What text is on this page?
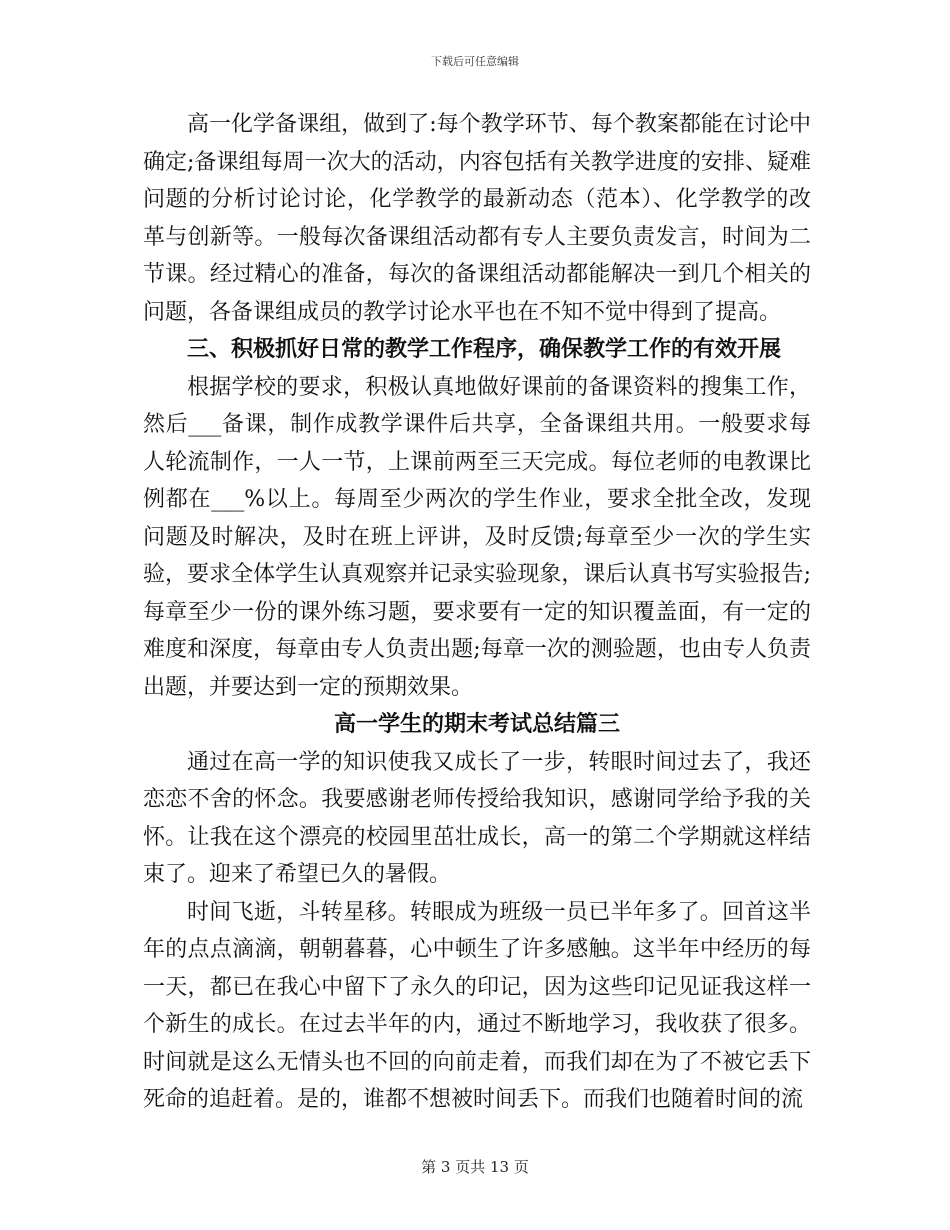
下载后可任意编辑

高一化学备课组，做到了:每个教学环节、每个教案都能在讨论中确定;备课组每周一次大的活动，内容包括有关教学进度的安排、疑难问题的分析讨论讨论，化学教学的最新动态（范本）、化学教学的改革与创新等。一般每次备课组活动都有专人主要负责发言，时间为二节课。经过精心的准备，每次的备课组活动都能解决一到几个相关的问题，各备课组成员的教学讨论水平也在不知不觉中得到了提高。

三、积极抓好日常的教学工作程序，确保教学工作的有效开展

根据学校的要求，积极认真地做好课前的备课资料的搜集工作，然后___备课，制作成教学课件后共享，全备课组共用。一般要求每人轮流制作，一人一节，上课前两至三天完成。每位老师的电教课比例都在___%以上。每周至少两次的学生作业，要求全批全改，发现问题及时解决，及时在班上评讲，及时反馈;每章至少一次的学生实验，要求全体学生认真观察并记录实验现象，课后认真书写实验报告;每章至少一份的课外练习题，要求要有一定的知识覆盖面，有一定的难度和深度，每章由专人负责出题;每章一次的测验题，也由专人负责出题，并要达到一定的预期效果。

高一学生的期末考试总结篇三

通过在高一学的知识使我又成长了一步，转眼时间过去了，我还恋恋不舍的怀念。我要感谢老师传授给我知识，感谢同学给予我的关怀。让我在这个漂亮的校园里茁壮成长，高一的第二个学期就这样结束了。迎来了希望已久的暑假。

时间飞逝，斗转星移。转眼成为班级一员已半年多了。回首这半年的点点滴滴，朝朝暮暮，心中顿生了许多感触。这半年中经历的每一天，都已在我心中留下了永久的印记，因为这些印记见证我这样一个新生的成长。在过去半年的内，通过不断地学习，我收获了很多。时间就是这么无情头也不回的向前走着，而我们却在为了不被它丢下死命的追赶着。是的，谁都不想被时间丢下。而我们也随着时间的流

第 3 页共 13 页
